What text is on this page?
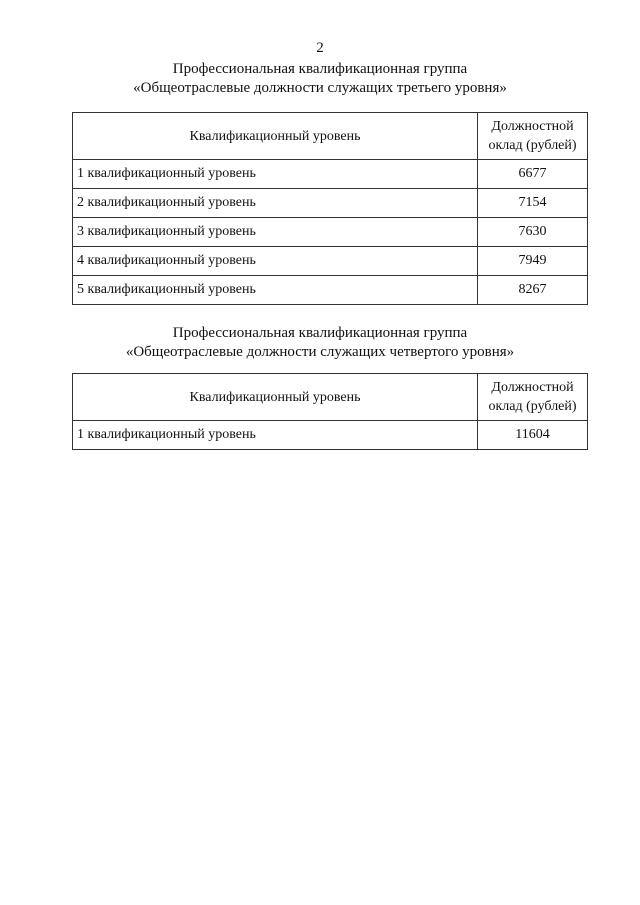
2
Профессиональная квалификационная группа
«Общеотраслевые должности служащих третьего уровня»
Квалификационный уровень	Должностной
оклад (рублей)

1 квалификационный уровень	6677
2 квалификационный уровень	7154
3 квалификационный уровень	7630
4 квалификационный уровень	7949
5 квалификационный уровень	8267
Профессиональная квалификационная группа
«Общеотраслевые должности служащих четвертого уровня»
Квалификационный уровень	Должностной
оклад (рублей)

1 квалификационный уровень	11604
